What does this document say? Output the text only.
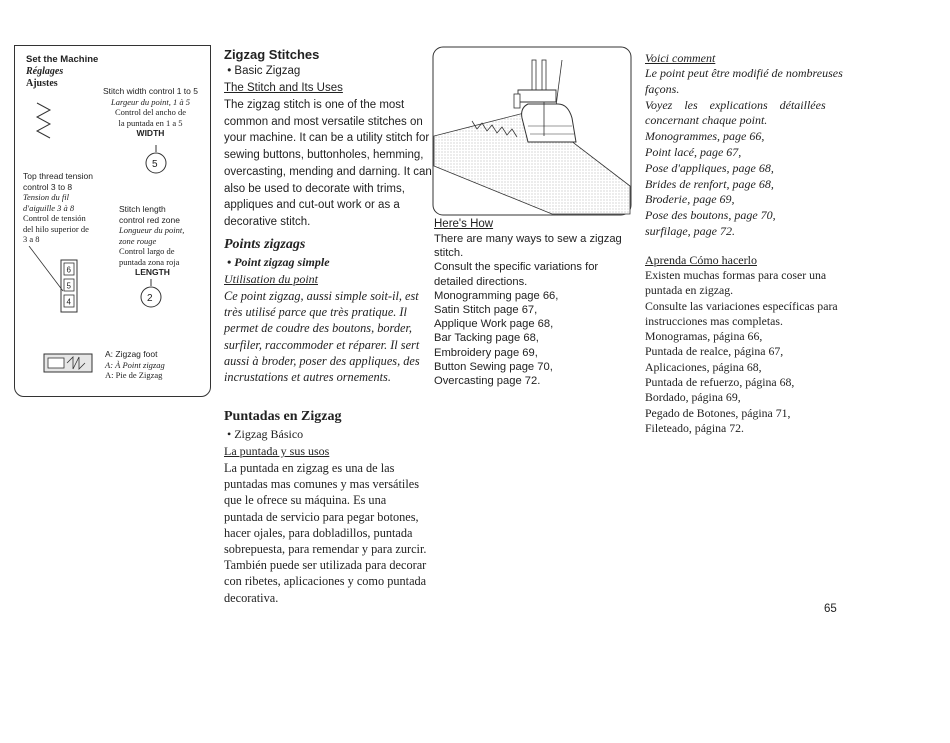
Set the Machine
Réglages
Ajustes
Stitch width control 1 to 5
Largeur du point, 1 à 5
Control del ancho de
la puntada en 1 a 5
WIDTH
5
Top thread tension
control 3 to 8
Tension du fil
d'aiguille 3 à 8
Control de tensión
del hilo superior de
3 a 8
Stitch length
control red zone
Longueur du point,
zone rouge
Control largo de
puntada zona roja
LENGTH
6
5
4	2
A: Zigzag foot
A: À Point zigzag
A: Pie de Zigzag
Zigzag Stitches
• Basic Zigzag
The Stitch and Its Uses
The zigzag stitch is one of the most
common and most versatile stitches on
your machine. It can be a utility stitch for
sewing buttons, buttonholes, hemming,
overcasting, mending and darning. It can
also be used to decorate with trims,
appliques and cut-out work or as a
decorative stitch.
Points zigzags
• Point zigzag simple
Utilisation du point
Ce point zigzag, aussi simple soit-il, est
très utilisé parce que très pratique. Il
permet de coudre des boutons, border,
surfiler, raccommoder et réparer. Il sert
aussi à broder, poser des appliques, des
incrustations et autres ornements.
Puntadas en Zigzag
• Zigzag Básico
La puntada y sus usos
La puntada en zigzag es una de las
puntadas mas comunes y mas versátiles
que le ofrece su máquina. Es una
puntada de servicio para pegar botones,
hacer ojales, para dobladillos, puntada
sobrepuesta, para remendar y para zurcir.
También puede ser utilizada para decorar
con ribetes, aplicaciones y como puntada
decorativa.
Here's How
There are many ways to sew a zigzag
stitch.
Consult the specific variations for
detailed directions.
Monogramming page 66,
Satin Stitch page 67,
Applique Work page 68,
Bar Tacking page 68,
Embroidery page 69,
Button Sewing page 70,
Overcasting page 72.
Voici comment
Le point peut être modifié de nombreuses
façons.
Voyez les explications détaillées
concernant chaque point.
Monogrammes, page 66,
Point lacé, page 67,
Pose d'appliques, page 68,
Brides de renfort, page 68,
Broderie, page 69,
Pose des boutons, page 70,
surfilage, page 72.
Aprenda Cómo hacerlo
Existen muchas formas para coser una
puntada en zigzag.
Consulte las variaciones específicas para
instrucciones mas completas.
Monogramas, página 66,
Puntada de realce, página 67,
Aplicaciones, página 68,
Puntada de refuerzo, página 68,
Bordado, página 69,
Pegado de Botones, página 71,
Fileteado, página 72.
65
